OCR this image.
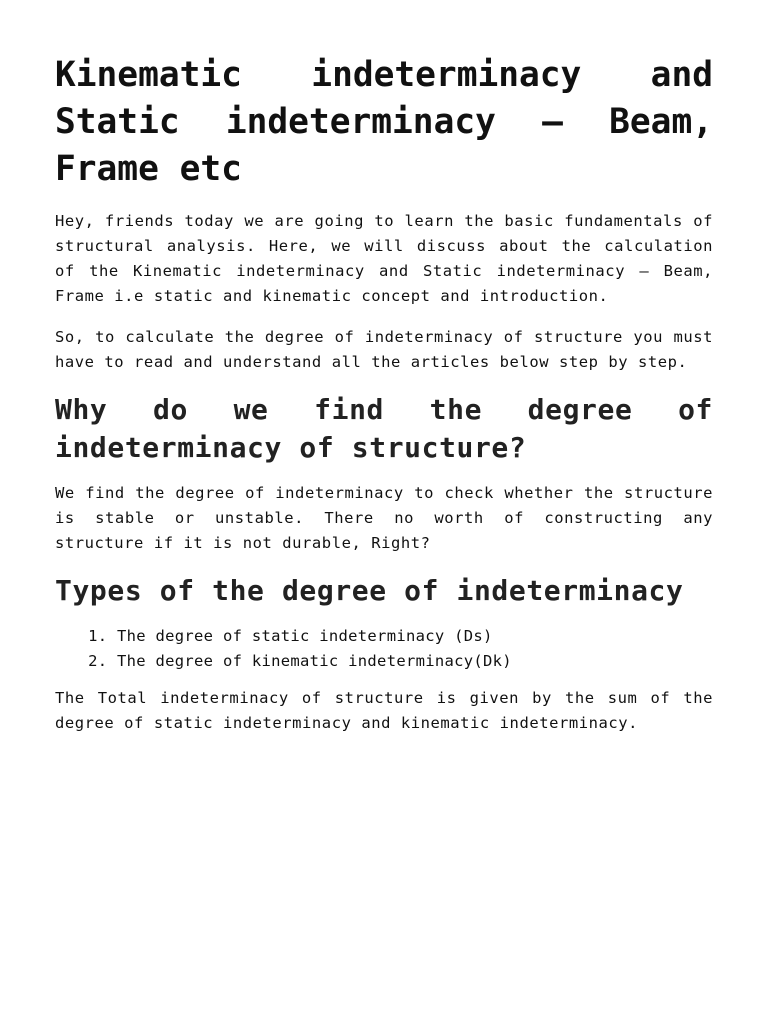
Kinematic indeterminacy and Static indeterminacy – Beam, Frame etc

Hey, friends today we are going to learn the basic fundamentals of structural analysis. Here, we will discuss about the calculation of the Kinematic indeterminacy and Static indeterminacy – Beam, Frame i.e static and kinematic concept and introduction.

So, to calculate the degree of indeterminacy of structure you must have to read and understand all the articles below step by step.

Why do we find the degree of indeterminacy of structure?

We find the degree of indeterminacy to check whether the structure is stable or unstable. There no worth of constructing any structure if it is not durable, Right?

Types of the degree of indeterminacy
1. The degree of static indeterminacy (Ds)
2. The degree of kinematic indeterminacy(Dk)

The Total indeterminacy of structure is given by the sum of the degree of static indeterminacy and kinematic indeterminacy.
